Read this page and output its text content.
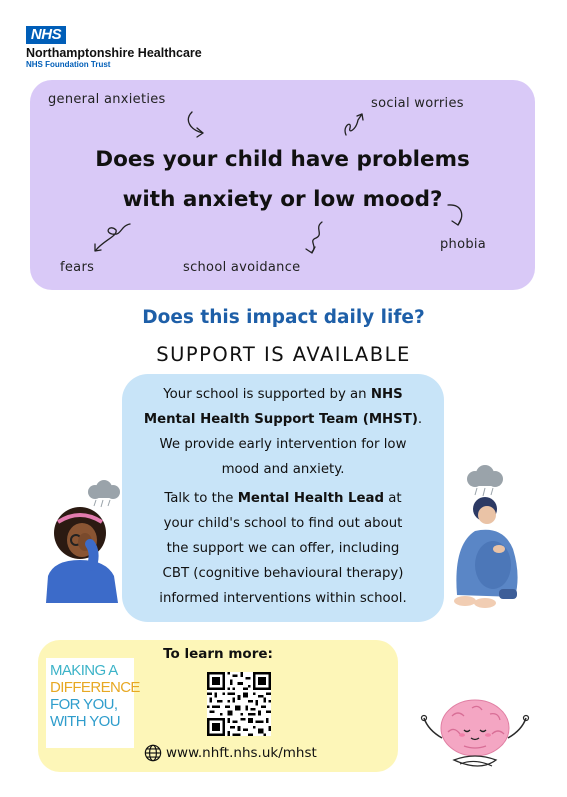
NHS
Northamptonshire Healthcare
NHS Foundation Trust
general anxieties	social worries
fears	school avoidance
phobia
Does your child have problems
with anxiety or low mood?
Does this impact daily life?
SUPPORT IS AVAILABLE

Your school is supported by an NHS

Mental Health Support Team (MHST).

We provide early intervention for low

mood and anxiety.

Talk to the Mental Health Lead at

your child's school to find out about

the support we can offer, including

CBT (cognitive behavioural therapy)

informed interventions within school.

To learn more:
MAKING A
DIFFERENCE
FOR YOU,
WITH YOU
www.nhft.nhs.uk/mhst
